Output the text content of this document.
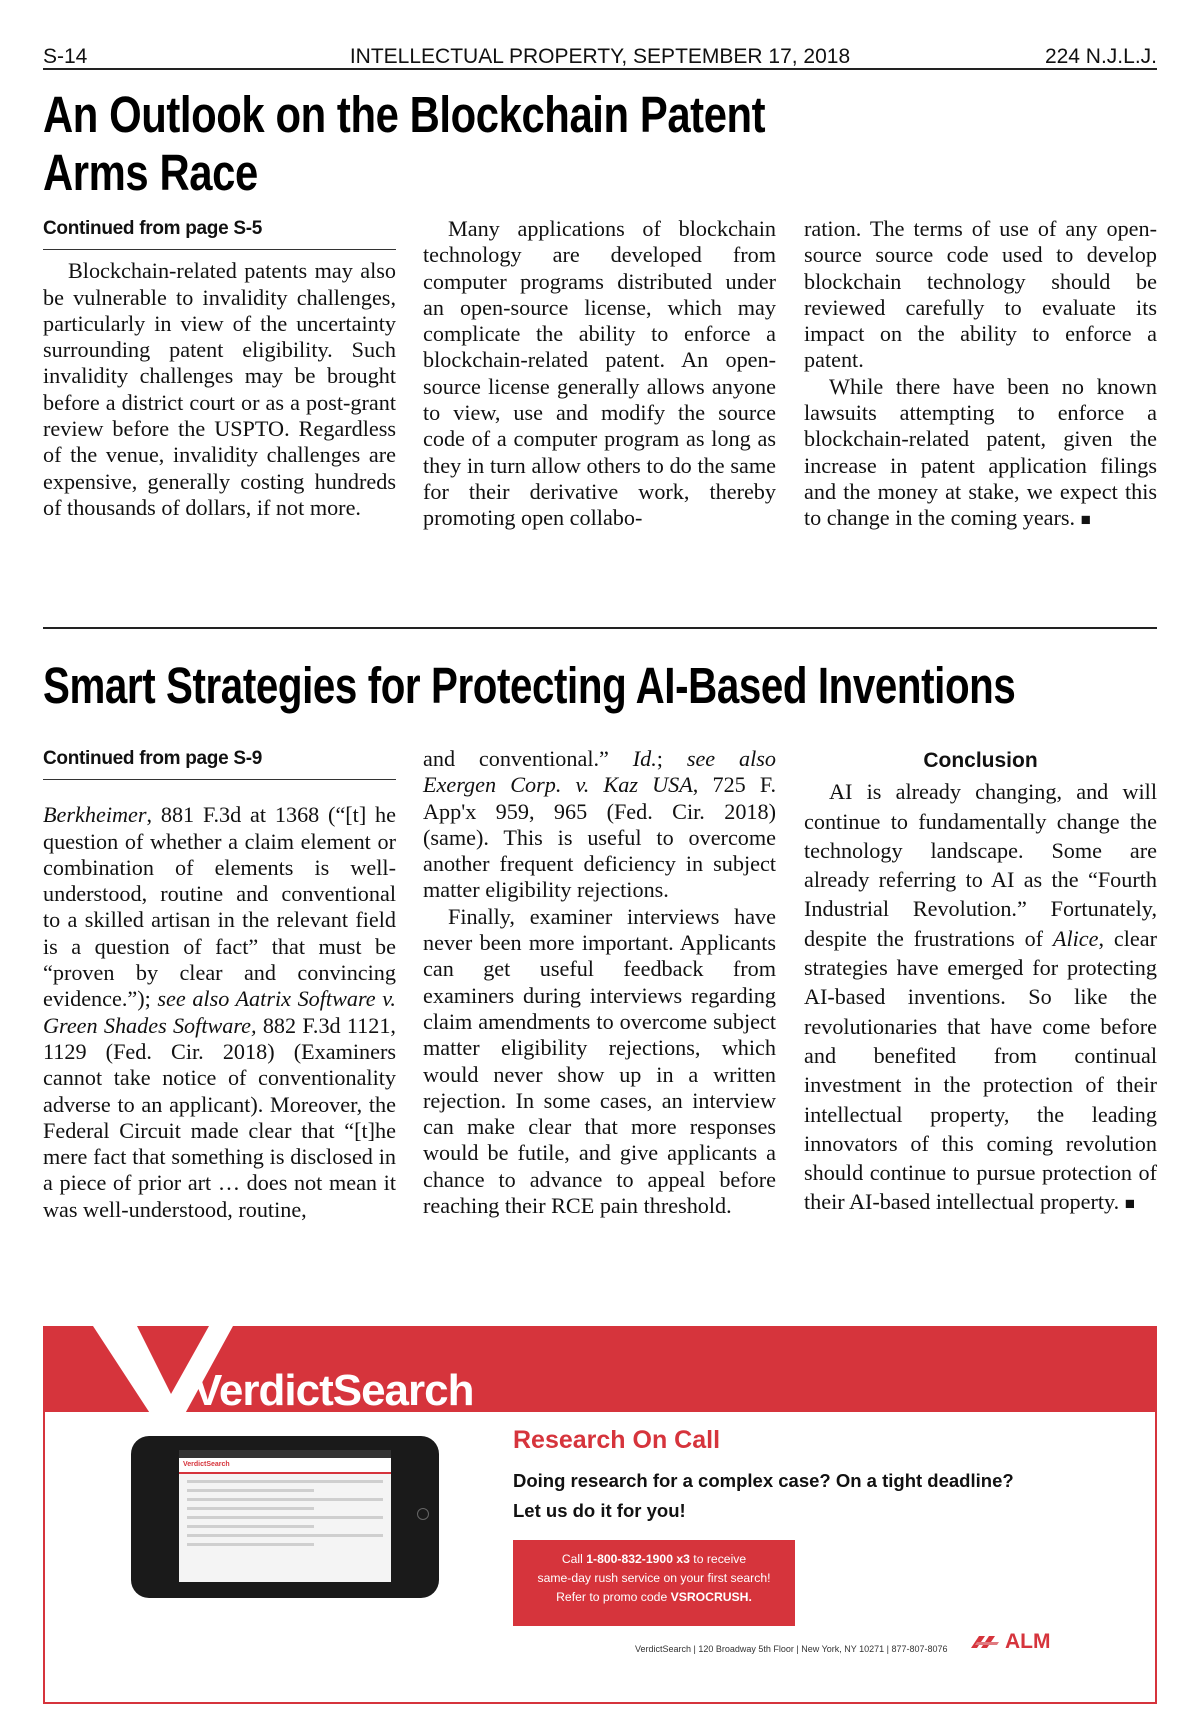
S-14	INTELLECTUAL PROPERTY, SEPTEMBER 17, 2018	224 N.J.L.J.
An Outlook on the Blockchain Patent
Arms Race
Continued from page S-5

Blockchain-related patents may also be vulnerable to invalidity challenges, particularly in view of the uncertainty surrounding patent eligibility. Such invalidity challenges may be brought before a district court or as a post-grant review before the USPTO. Regardless of the venue, invalidity challenges are expensive, generally costing hundreds of thousands of dollars, if not more.

Many applications of blockchain technology are developed from computer programs distributed under an open-source license, which may complicate the ability to enforce a blockchain-related patent. An open-source license generally allows anyone to view, use and modify the source code of a computer program as long as they in turn allow others to do the same for their derivative work, thereby promoting open collabo-

ration. The terms of use of any open-source source code used to develop blockchain technology should be reviewed carefully to evaluate its impact on the ability to enforce a patent.

While there have been no known lawsuits attempting to enforce a blockchain-related patent, given the increase in patent application filings and the money at stake, we expect this to change in the coming years. ■

Smart Strategies for Protecting AI-Based Inventions
Continued from page S-9

Berkheimer, 881 F.3d at 1368 (“[t] he question of whether a claim element or combination of elements is well-understood, routine and conventional to a skilled artisan in the relevant field is a question of fact” that must be “proven by clear and convincing evidence.”); see also Aatrix Software v. Green Shades Software, 882 F.3d 1121, 1129 (Fed. Cir. 2018) (Examiners cannot take notice of conventionality adverse to an applicant). Moreover, the Federal Circuit made clear that “[t]he mere fact that something is disclosed in a piece of prior art … does not mean it was well-understood, routine,

and conventional.” Id.; see also Exergen Corp. v. Kaz USA, 725 F. App'x 959, 965 (Fed. Cir. 2018) (same). This is useful to overcome another frequent deficiency in subject matter eligibility rejections.

Finally, examiner interviews have never been more important. Applicants can get useful feedback from examiners during interviews regarding claim amendments to overcome subject matter eligibility rejections, which would never show up in a written rejection. In some cases, an interview can make clear that more responses would be futile, and give applicants a chance to advance to appeal before reaching their RCE pain threshold.

Conclusion

AI is already changing, and will continue to fundamentally change the technology landscape. Some are already referring to AI as the “Fourth Industrial Revolution.” Fortunately, despite the frustrations of Alice, clear strategies have emerged for protecting AI-based inventions. So like the revolutionaries that have come before and benefited from continual investment in the protection of their intellectual property, the leading innovators of this coming revolution should continue to pursue protection of their AI-based intellectual property. ■

VerdictSearch
VerdictSearch
Research On Call
Doing research for a complex case? On a tight deadline?
Let us do it for you!
Call 1-800-832-1900 x3 to receive
same-day rush service on your first search!
Refer to promo code VSROCRUSH.
VerdictSearch | 120 Broadway 5th Floor | New York, NY 10271 | 877-807-8076	ALM
